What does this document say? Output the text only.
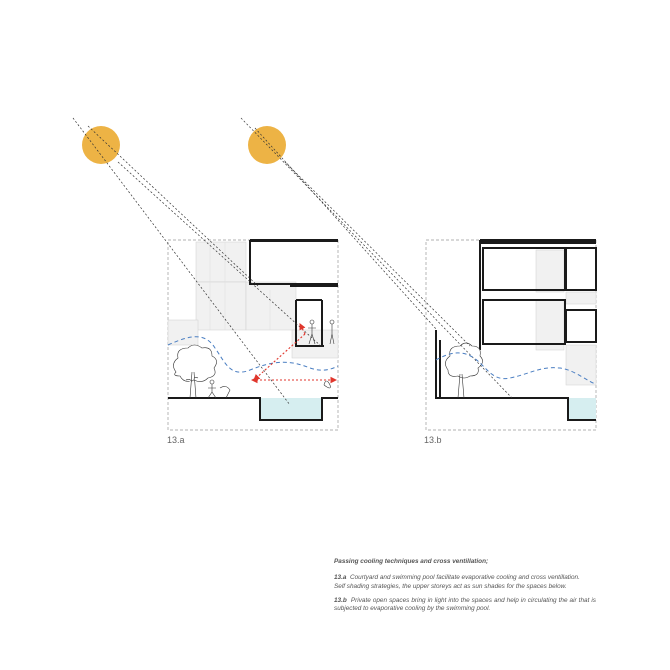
13.a	13.b
Passing cooling techniques and cross ventillation;
13.a Courtyard and swimming pool facilitate evaporative cooling and cross ventillation.
Self shading strategies, the upper storeys act as sun shades for the spaces below.
13.b Private open spaces bring in light into the spaces and help in circulating the air that is subjected to evaporative cooling by the swimming pool.
